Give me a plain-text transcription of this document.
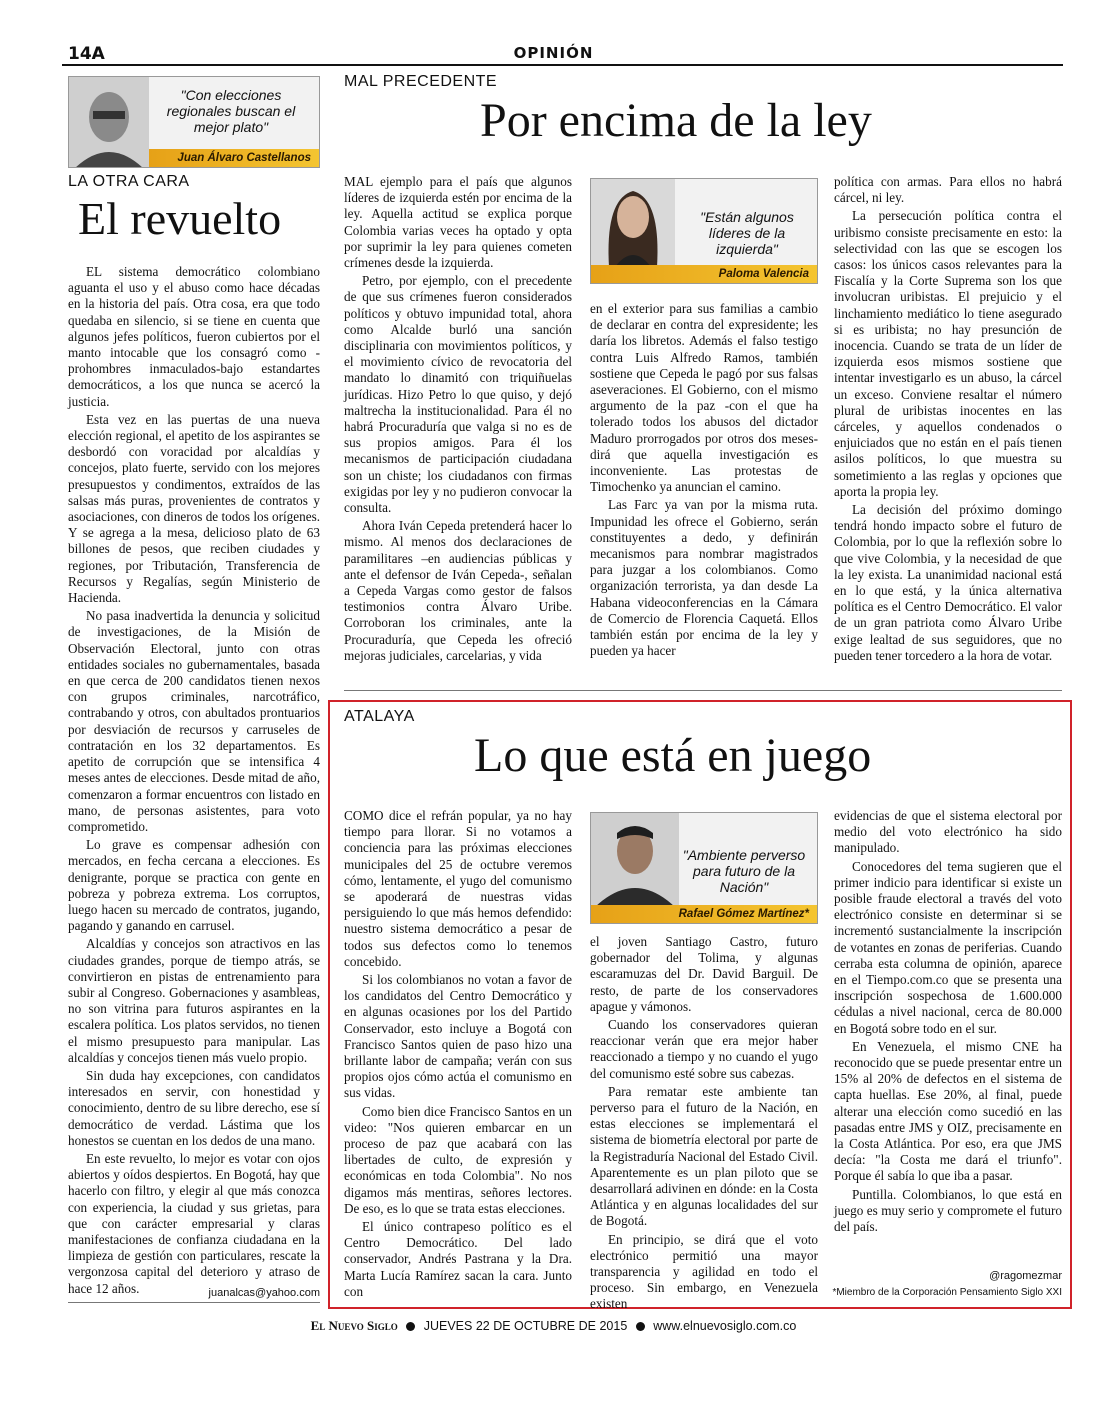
14A	OPINIÓN
"Con elecciones regionales buscan el mejor plato"
Juan Álvaro Castellanos
LA OTRA CARA
El revuelto

EL sistema democrático colombiano aguanta el uso y el abuso como hace décadas en la historia del país. Otra cosa, era que todo quedaba en silencio, si se tiene en cuenta que algunos jefes políticos, fueron cubiertos por el manto intocable que los consagró como -prohombres inmaculados-bajo estandartes democráticos, a los que nunca se acercó la justicia.

Esta vez en las puertas de una nueva elección regional, el apetito de los aspirantes se desbordó con voracidad por alcaldías y concejos, plato fuerte, servido con los mejores presupuestos y condimentos, extraídos de las salsas más puras, provenientes de contratos y asociaciones, con dineros de todos los orígenes. Y se agrega a la mesa, delicioso plato de 63 billones de pesos, que reciben ciudades y regiones, por Tributación, Transferencia de Recursos y Regalías, según Ministerio de Hacienda.

No pasa inadvertida la denuncia y solicitud de investigaciones, de la Misión de Observación Electoral, junto con otras entidades sociales no gubernamentales, basada en que cerca de 200 candidatos tienen nexos con grupos criminales, narcotráfico, contrabando y otros, con abultados prontuarios por desviación de recursos y carruseles de contratación en los 32 departamentos. Es apetito de corrupción que se intensifica 4 meses antes de elecciones. Desde mitad de año, comenzaron a formar encuentros con listado en mano, de personas asistentes, para voto comprometido.

Lo grave es compensar adhesión con mercados, en fecha cercana a elecciones. Es denigrante, porque se practica con gente en pobreza y pobreza extrema. Los corruptos, luego hacen su mercado de contratos, jugando, pagando y ganando en carrusel.

Alcaldías y concejos son atractivos en las ciudades grandes, porque de tiempo atrás, se convirtieron en pistas de entrenamiento para subir al Congreso. Gobernaciones y asambleas, no son vitrina para futuros aspirantes en la escalera política. Los platos servidos, no tienen el mismo presupuesto para manipular. Las alcaldías y concejos tienen más vuelo propio.

Sin duda hay excepciones, con candidatos interesados en servir, con honestidad y conocimiento, dentro de su libre derecho, ese sí democrático de verdad. Lástima que los honestos se cuentan en los dedos de una mano.

En este revuelto, lo mejor es votar con ojos abiertos y oídos despiertos. En Bogotá, hay que hacerlo con filtro, y elegir al que más conozca con experiencia, la ciudad y sus grietas, para que con carácter empresarial y claras manifestaciones de confianza ciudadana en la limpieza de gestión con particulares, rescate la vergonzosa capital del deterioro y atraso de hace 12 años.	juanalcas@yahoo.com
MAL PRECEDENTE
Por encima de la ley

MAL ejemplo para el país que algunos líderes de izquierda estén por encima de la ley. Aquella actitud se explica porque Colombia varias veces ha optado y opta por suprimir la ley para quienes cometen crímenes desde la izquierda.

Petro, por ejemplo, con el precedente de que sus crímenes fueron considerados políticos y obtuvo impunidad total, ahora como Alcalde burló una sanción disciplinaria con movimientos políticos, y el movimiento cívico de revocatoria del mandato lo dinamitó con triquiñuelas jurídicas. Hizo Petro lo que quiso, y dejó maltrecha la institucionalidad. Para él no habrá Procuraduría que valga si no es de sus propios amigos. Para él los mecanismos de participación ciudadana son un chiste; los ciudadanos con firmas exigidas por ley y no pudieron convocar la consulta.

Ahora Iván Cepeda pretenderá hacer lo mismo. Al menos dos declaraciones de paramilitares –en audiencias públicas y ante el defensor de Iván Cepeda-, señalan a Cepeda Vargas como gestor de falsos testimonios contra Álvaro Uribe. Corroboran los criminales, ante la Procuraduría, que Cepeda les ofreció mejoras judiciales, carcelarias, y vida

"Están algunos líderes de la izquierda"
Paloma Valencia

en el exterior para sus familias a cambio de declarar en contra del expresidente; les daría los libretos. Además el falso testigo contra Luis Alfredo Ramos, también sostiene que Cepeda le pagó por sus falsas aseveraciones. El Gobierno, con el mismo argumento de la paz -con el que ha tolerado todos los abusos del dictador Maduro prorrogados por otros dos meses- dirá que aquella investigación es inconveniente. Las protestas de Timochenko ya anuncian el camino.

Las Farc ya van por la misma ruta. Impunidad les ofrece el Gobierno, serán constituyentes a dedo, y definirán mecanismos para nombrar magistrados para juzgar a los colombianos. Como organización terrorista, ya dan desde La Habana videoconferencias en la Cámara de Comercio de Florencia Caquetá. Ellos también están por encima de la ley y pueden ya hacer

política con armas. Para ellos no habrá cárcel, ni ley.

La persecución política contra el uribismo consiste precisamente en esto: la selectividad con las que se escogen los casos: los únicos casos relevantes para la Fiscalía y la Corte Suprema son los que involucran uribistas. El prejuicio y el linchamiento mediático lo tiene asegurado si es uribista; no hay presunción de inocencia. Cuando se trata de un líder de izquierda esos mismos sostiene que intentar investigarlo es un abuso, la cárcel un exceso. Conviene resaltar el número plural de uribistas inocentes en las cárceles, y aquellos condenados o enjuiciados que no están en el país tienen asilos políticos, lo que muestra su sometimiento a las reglas y opciones que aporta la propia ley.

La decisión del próximo domingo tendrá hondo impacto sobre el futuro de Colombia, por lo que la reflexión sobre lo que vive Colombia, y la necesidad de que la ley exista. La unanimidad nacional está en lo que está, y la única alternativa política es el Centro Democrático. El valor de un gran patriota como Álvaro Uribe exige lealtad de sus seguidores, que no pueden tener torcedero a la hora de votar.

ATALAYA
Lo que está en juego

COMO dice el refrán popular, ya no hay tiempo para llorar. Si no votamos a conciencia para las próximas elecciones municipales del 25 de octubre veremos cómo, lentamente, el yugo del comunismo se apoderará de nuestras vidas persiguiendo lo que más hemos defendido: nuestro sistema democrático a pesar de todos sus defectos como lo tenemos concebido.

Si los colombianos no votan a favor de los candidatos del Centro Democrático y en algunas ocasiones por los del Partido Conservador, esto incluye a Bogotá con Francisco Santos quien de paso hizo una brillante labor de campaña; verán con sus propios ojos cómo actúa el comunismo en sus vidas.

Como bien dice Francisco Santos en un video: "Nos quieren embarcar en un proceso de paz que acabará con las libertades de culto, de expresión y económicas en toda Colombia". No nos digamos más mentiras, señores lectores. De eso, es lo que se trata estas elecciones.

El único contrapeso político es el Centro Democrático. Del lado conservador, Andrés Pastrana y la Dra. Marta Lucía Ramírez sacan la cara. Junto con

"Ambiente perverso para futuro de la Nación"
Rafael Gómez Martínez*

el joven Santiago Castro, futuro gobernador del Tolima, y algunas escaramuzas del Dr. David Barguil. De resto, de parte de los conservadores apague y vámonos.

Cuando los conservadores quieran reaccionar verán que era mejor haber reaccionado a tiempo y no cuando el yugo del comunismo esté sobre sus cabezas.

Para rematar este ambiente tan perverso para el futuro de la Nación, en estas elecciones se implementará el sistema de biometría electoral por parte de la Registraduría Nacional del Estado Civil. Aparentemente es un plan piloto que se desarrollará adivinen en dónde: en la Costa Atlántica y en algunas localidades del sur de Bogotá.

En principio, se dirá que el voto electrónico permitió una mayor transparencia y agilidad en todo el proceso. Sin embargo, en Venezuela existen

evidencias de que el sistema electoral por medio del voto electrónico ha sido manipulado.

Conocedores del tema sugieren que el primer indicio para identificar si existe un posible fraude electoral a través del voto electrónico consiste en determinar si se incrementó sustancialmente la inscripción de votantes en zonas de periferias. Cuando cerraba esta columna de opinión, aparece en el Tiempo.com.co que se presenta una inscripción sospechosa de 1.600.000 cédulas a nivel nacional, cerca de 80.000 en Bogotá sobre todo en el sur.

En Venezuela, el mismo CNE ha reconocido que se puede presentar entre un 15% al 20% de defectos en el sistema de capta huellas. Ese 20%, al final, puede alterar una elección como sucedió en las pasadas entre JMS y OIZ, precisamente en la Costa Atlántica. Por eso, era que JMS decía: "la Costa me dará el triunfo". Porque él sabía lo que iba a pasar.

Puntilla. Colombianos, lo que está en juego es muy serio y compromete el futuro del país.

@ragomezmar
*Miembro de la Corporación Pensamiento Siglo XXI
El Nuevo Siglo JUEVES 22 DE OCTUBRE DE 2015 www.elnuevosiglo.com.co
